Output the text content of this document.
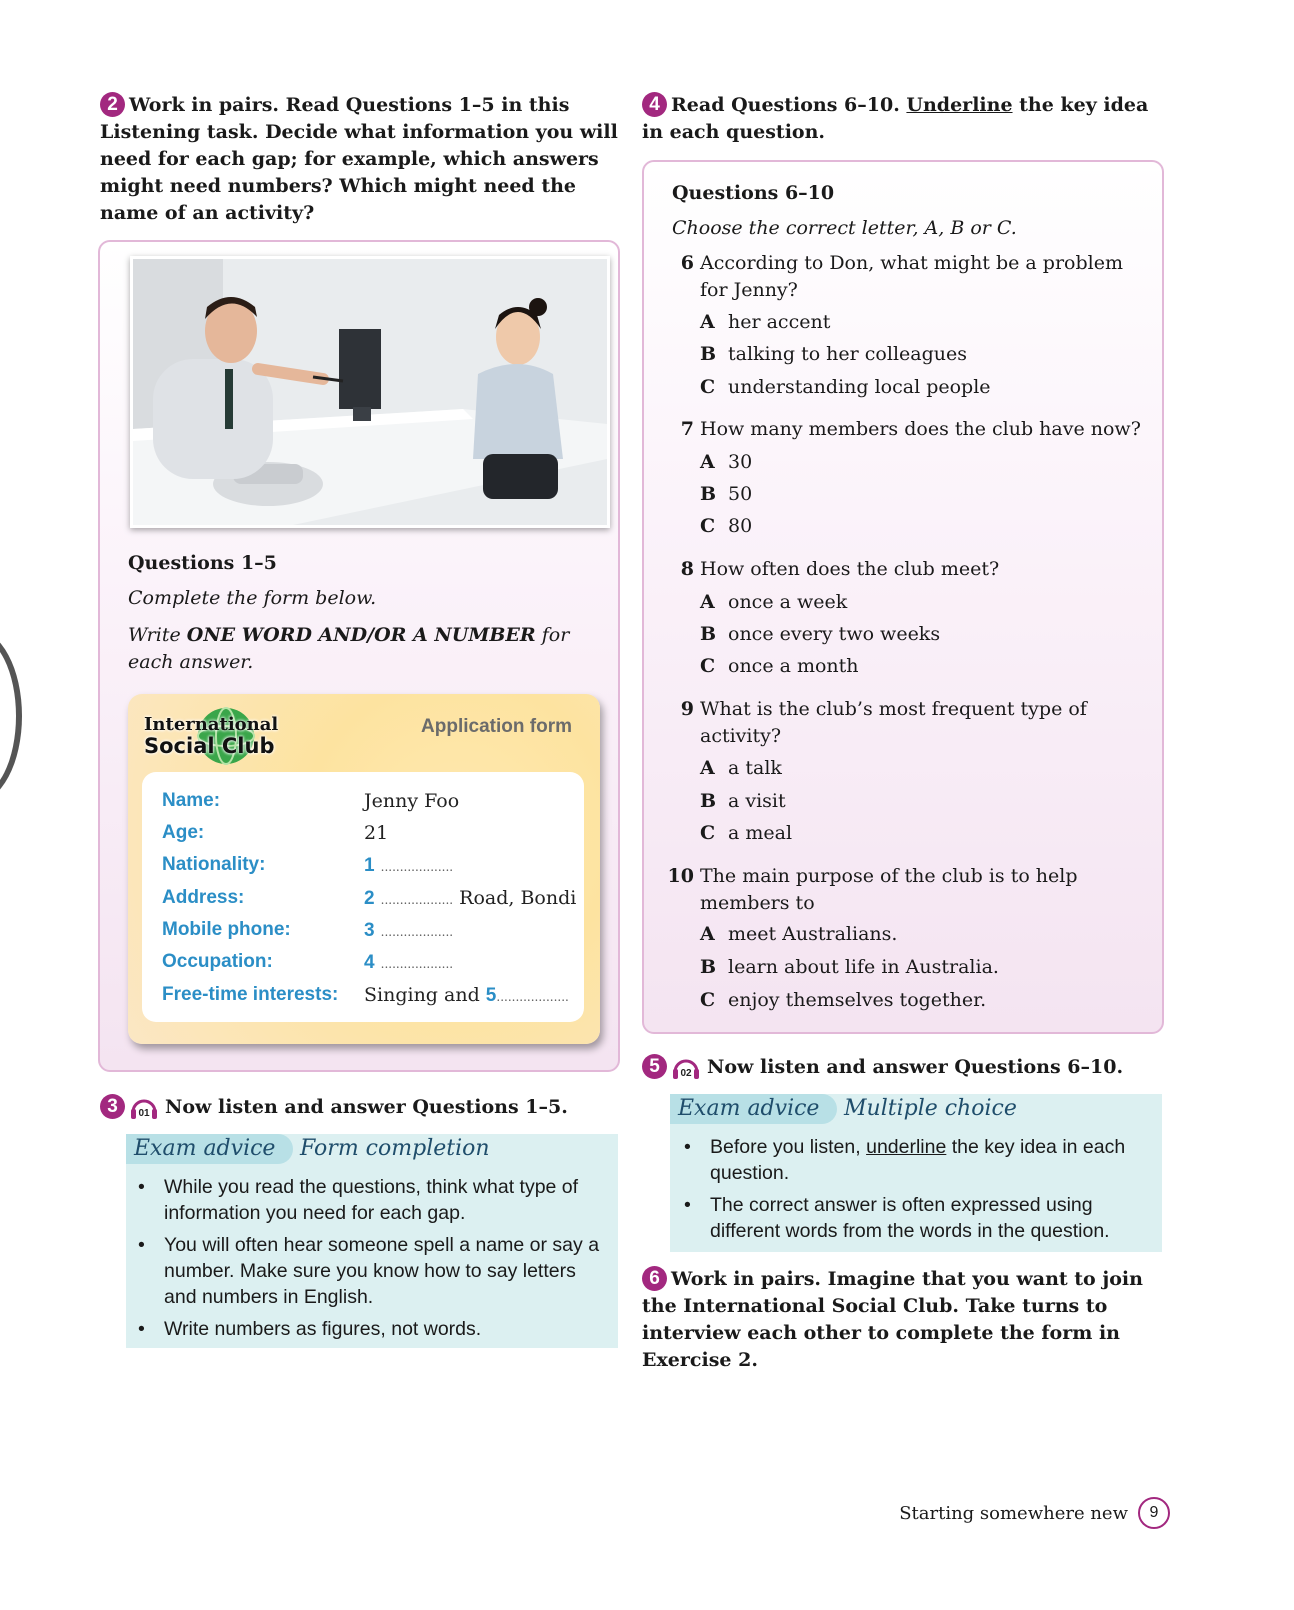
2 Work in pairs. Read Questions 1–5 in this Listening task. Decide what information you will need for each gap; for example, which answers might need numbers? Which might need the name of an activity?
Questions 1–5
Complete the form below.
Write ONE WORD AND/OR A NUMBER for each answer.
International
Social Club
Application form
Name:	Jenny Foo
Age:	21
Nationality:	1 ...................
Address:	2 ................... Road, Bondi
Mobile phone:	3 ...................
Occupation:	4 ...................
Free-time interests: Singing and 5...................
3 01 Now listen and answer Questions 1–5.
Exam advice	Form completion
• While you read the questions, think what type of information you need for each gap.
• You will often hear someone spell a name or say a number. Make sure you know how to say letters and numbers in English.
• Write numbers as figures, not words.
4 Read Questions 6–10. Underline the key idea in each question.
Questions 6–10
Choose the correct letter, A, B or C.
6 According to Don, what might be a problem
for Jenny?
A her accent
B talking to her colleagues
C understanding local people
7 How many members does the club have now?
A 30
B 50
C 80
8 How often does the club meet?
A once a week
B once every two weeks
C once a month
9 What is the club’s most frequent type of
activity?
A a talk
B a visit
C a meal
10 The main purpose of the club is to help
members to
A meet Australians.
B learn about life in Australia.
C enjoy themselves together.
5 02 Now listen and answer Questions 6–10.
Exam advice	Multiple choice
• Before you listen, underline the key idea in each question.
• The correct answer is often expressed using different words from the words in the question.
6 Work in pairs. Imagine that you want to join the International Social Club. Take turns to interview each other to complete the form in Exercise 2.
Starting somewhere new	9
